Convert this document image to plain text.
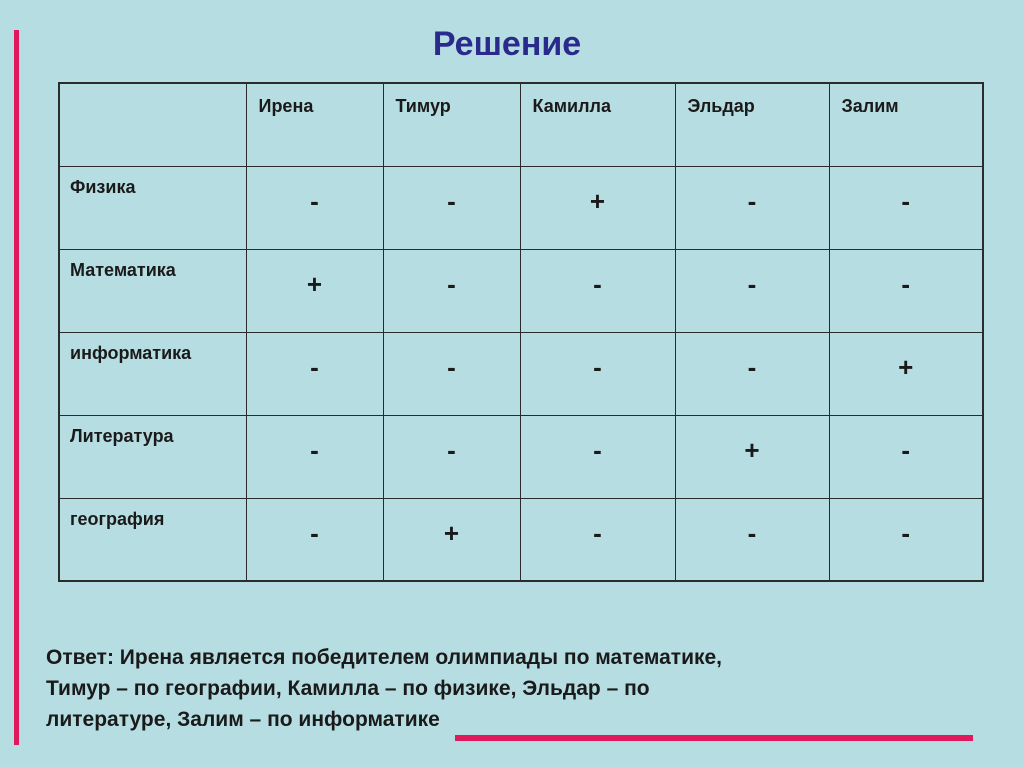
Решение
	Ирена	Тимур	Камилла	Эльдар	Залим
Физика	-	-	+	-	-
Математика	+	-	-	-	-
информатика	-	-	-	-	+
Литература	-	-	-	+	-
география	-	+	-	-	-

Ответ: Ирена является победителем олимпиады по математике,
Тимур – по географии, Камилла – по физике, Эльдар – по
литературе, Залим – по информатике
